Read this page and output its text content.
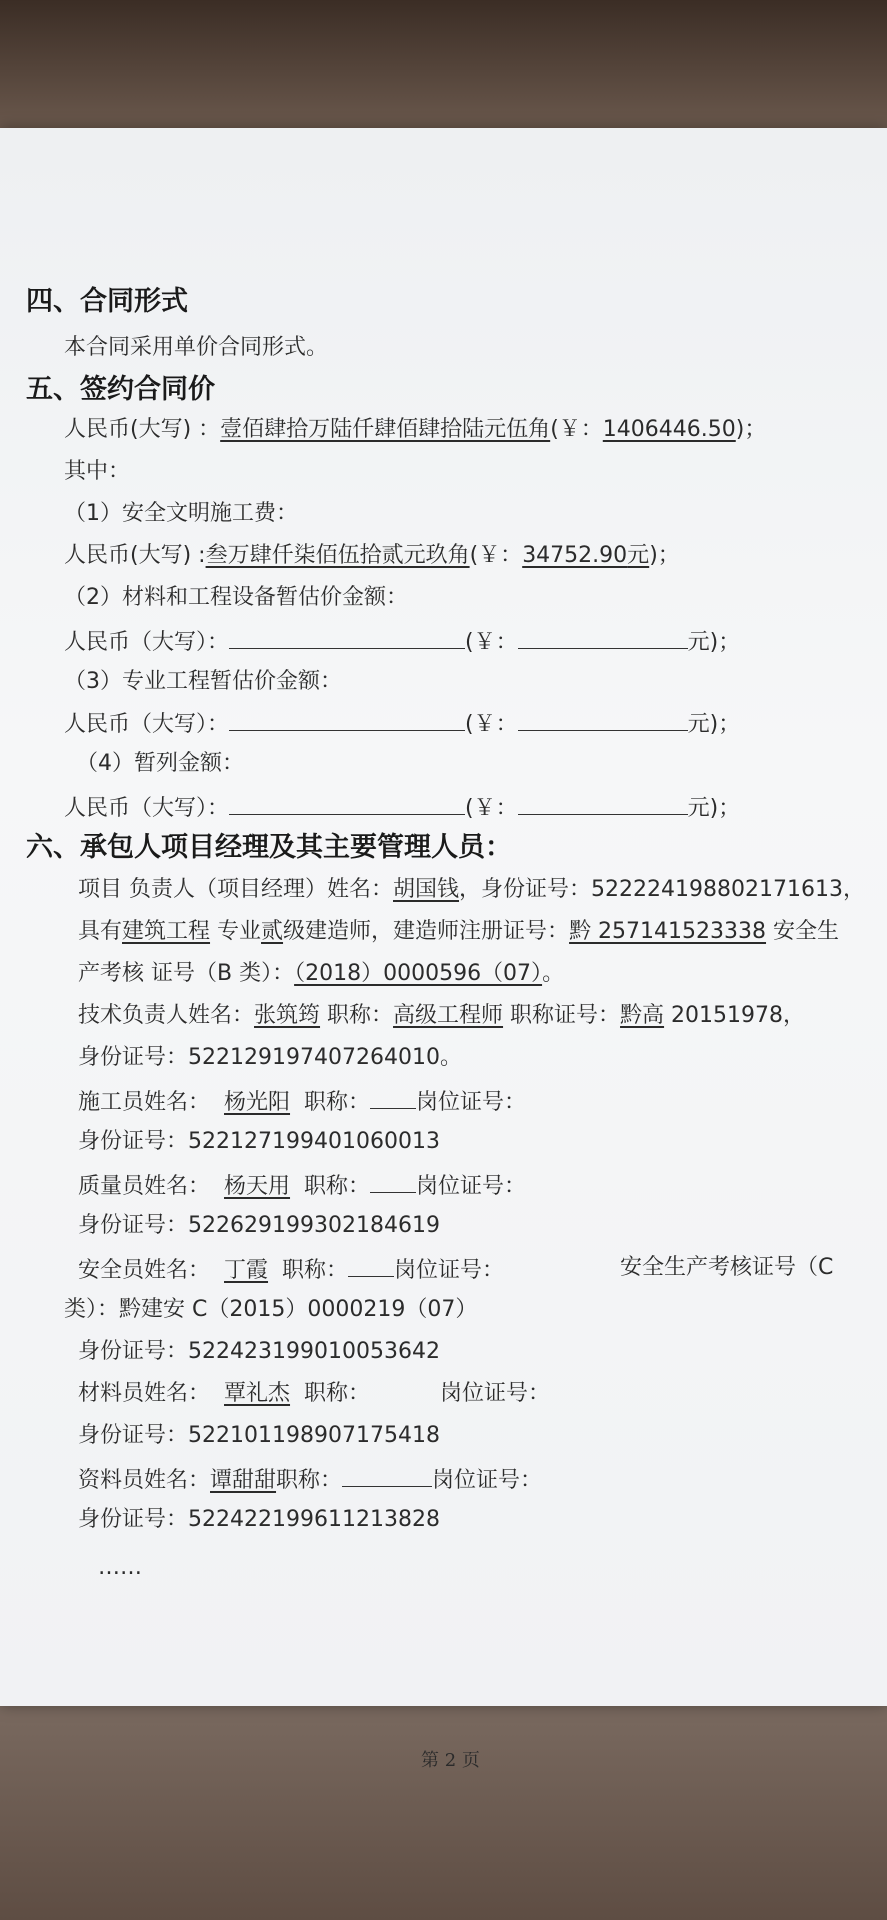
四、合同形式
本合同采用单价合同形式。
五、签约合同价
人民币(大写) ：壹佰肆拾万陆仟肆佰肆拾陆元伍角(￥：1406446.50)；
其中：
（1）安全文明施工费：
人民币(大写) :叁万肆仟柒佰伍拾贰元玖角(￥：34752.90元)；
（2）材料和工程设备暂估价金额：
人民币（大写）：	(￥：	元)；
（3）专业工程暂估价金额：
人民币（大写）：	(￥：	元)；
（4）暂列金额：
人民币（大写）：	(￥：	元)；
六、承包人项目经理及其主要管理人员：
项目 负责人（项目经理）姓名：胡国钱，身份证号：522224198802171613，
具有建筑工程 专业贰级建造师，建造师注册证号：黔 257141523338 安全生
产考核 证号（B 类）：（2018）0000596（07）。
技术负责人姓名：张筑筠 职称：高级工程师 职称证号：黔高 20151978，
身份证号：522129197407264010。
施工员姓名： 杨光阳 职称： 岗位证号：
身份证号：522127199401060013
质量员姓名： 杨天用 职称： 岗位证号：
身份证号：522629199302184619
安全员姓名： 丁霞 职称： 岗位证号：	安全生产考核证号（C
类）：黔建安 C（2015）0000219（07）
身份证号：522423199010053642
材料员姓名： 覃礼杰 职称：	岗位证号：
身份证号：522101198907175418
资料员姓名：谭甜甜职称：	岗位证号：
身份证号：522422199611213828
……
第 2 页
